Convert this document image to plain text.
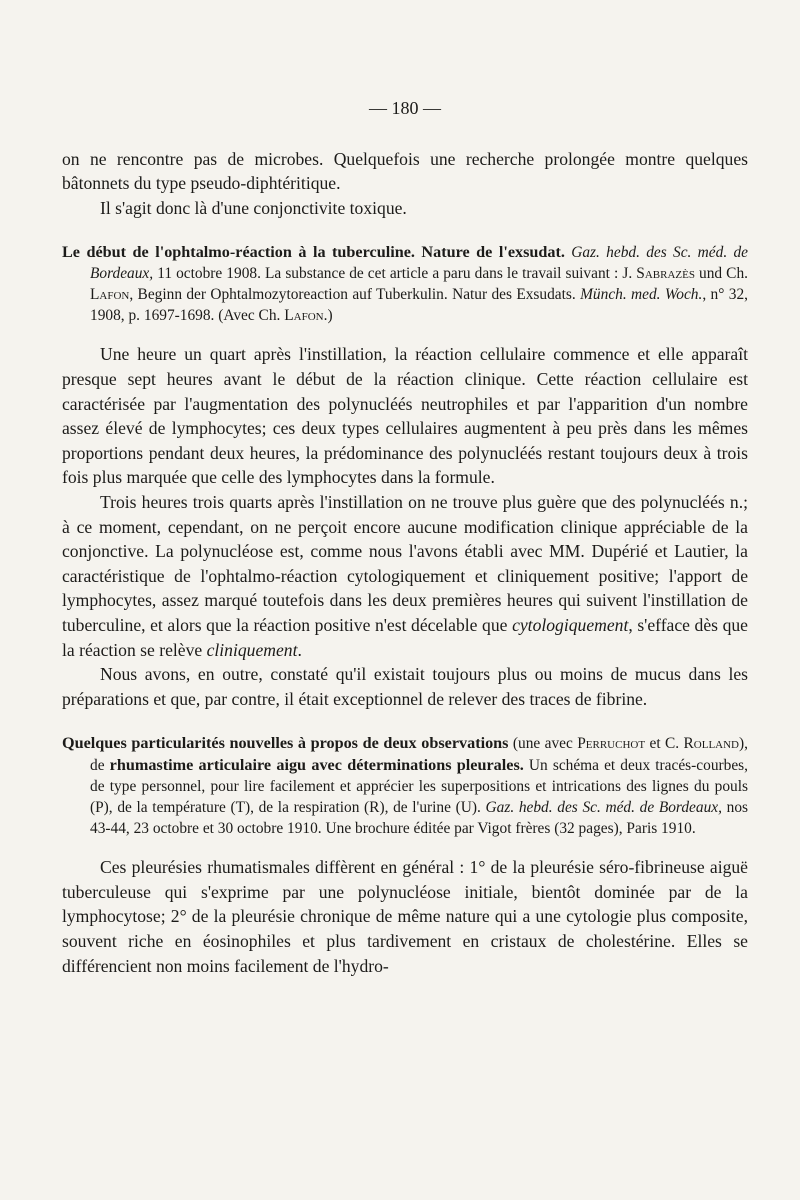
— 180 —

on ne rencontre pas de microbes. Quelquefois une recherche prolongée montre quelques bâtonnets du type pseudo-diphtéritique.

Il s'agit donc là d'une conjonctivite toxique.

Le début de l'ophtalmo-réaction à la tuberculine. Nature de l'exsudat. Gaz. hebd. des Sc. méd. de Bordeaux, 11 octobre 1908. La substance de cet article a paru dans le travail suivant : J. Sabrazès und Ch. Lafon, Beginn der Ophtalmozytoreaction auf Tuberkulin. Natur des Exsudats. Münch. med. Woch., n° 32, 1908, p. 1697-1698. (Avec Ch. Lafon.)

Une heure un quart après l'instillation, la réaction cellulaire commence et elle apparaît presque sept heures avant le début de la réaction clinique. Cette réaction cellulaire est caractérisée par l'augmentation des polynucléés neutrophiles et par l'apparition d'un nombre assez élevé de lymphocytes; ces deux types cellulaires augmentent à peu près dans les mêmes proportions pendant deux heures, la prédominance des polynucléés restant toujours deux à trois fois plus marquée que celle des lymphocytes dans la formule.

Trois heures trois quarts après l'instillation on ne trouve plus guère que des polynucléés n.; à ce moment, cependant, on ne perçoit encore aucune modification clinique appréciable de la conjonctive. La polynucléose est, comme nous l'avons établi avec MM. Dupérié et Lautier, la caractéristique de l'ophtalmo-réaction cytologiquement et cliniquement positive; l'apport de lymphocytes, assez marqué toutefois dans les deux premières heures qui suivent l'instillation de tuberculine, et alors que la réaction positive n'est décelable que cytologiquement, s'efface dès que la réaction se relève cliniquement.

Nous avons, en outre, constaté qu'il existait toujours plus ou moins de mucus dans les préparations et que, par contre, il était exceptionnel de relever des traces de fibrine.

Quelques particularités nouvelles à propos de deux observations (une avec Perruchot et C. Rolland), de rhumastime articulaire aigu avec déterminations pleurales. Un schéma et deux tracés-courbes, de type personnel, pour lire facilement et apprécier les superpositions et intrications des lignes du pouls (P), de la température (T), de la respiration (R), de l'urine (U). Gaz. hebd. des Sc. méd. de Bordeaux, nos 43-44, 23 octobre et 30 octobre 1910. Une brochure éditée par Vigot frères (32 pages), Paris 1910.

Ces pleurésies rhumatismales diffèrent en général : 1° de la pleurésie séro-fibrineuse aiguë tuberculeuse qui s'exprime par une polynucléose initiale, bientôt dominée par de la lymphocytose; 2° de la pleurésie chronique de même nature qui a une cytologie plus composite, souvent riche en éosinophiles et plus tardivement en cristaux de cholestérine. Elles se différencient non moins facilement de l'hydro-
